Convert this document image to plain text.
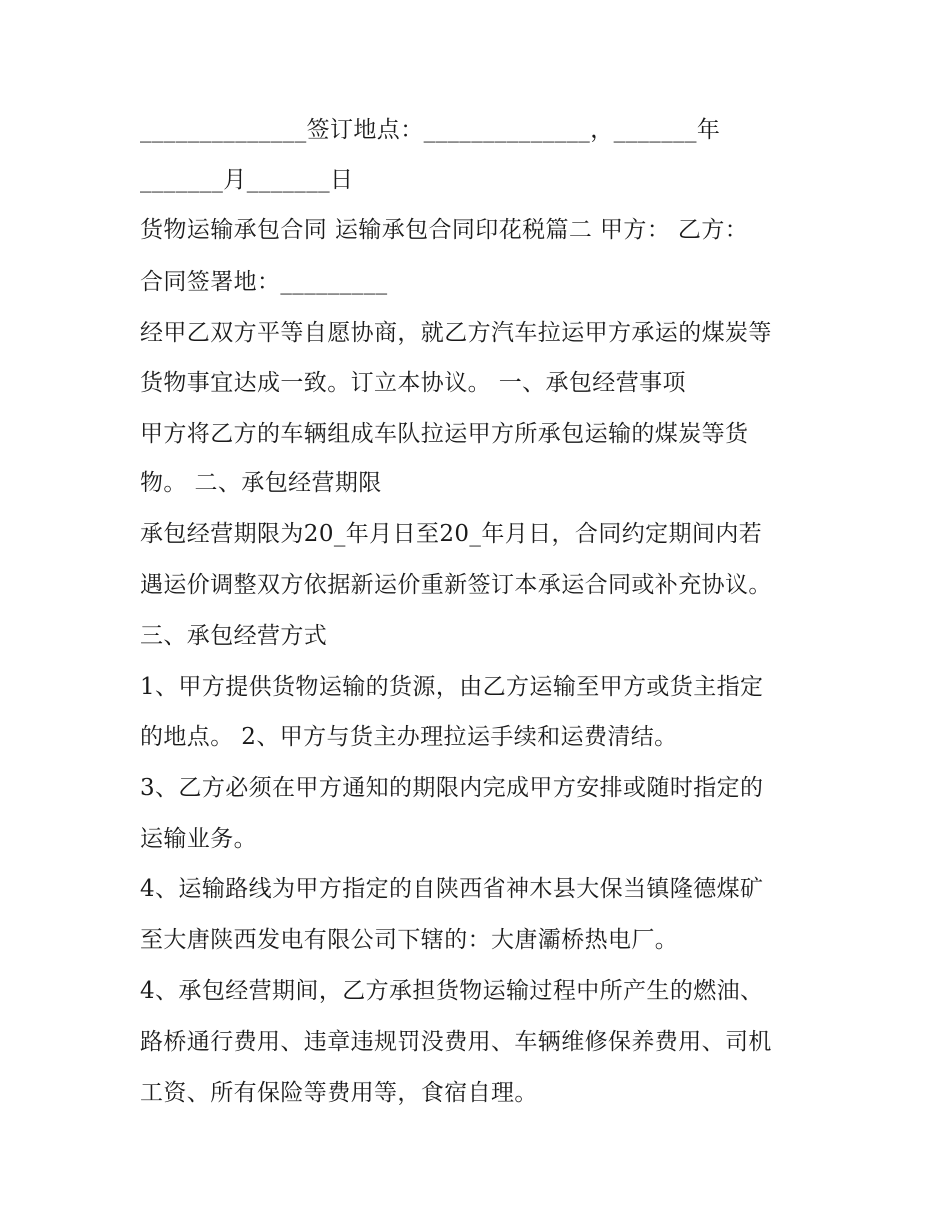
______________签订地点：______________，_______年
_______月_______日
货物运输承包合同 运输承包合同印花税篇二 甲方： 乙方：
合同签署地：_________
经甲乙双方平等自愿协商，就乙方汽车拉运甲方承运的煤炭等
货物事宜达成一致。订立本协议。 一、承包经营事项
甲方将乙方的车辆组成车队拉运甲方所承包运输的煤炭等货
物。 二、承包经营期限
承包经营期限为20_年月日至20_年月日，合同约定期间内若
遇运价调整双方依据新运价重新签订本承运合同或补充协议。
三、承包经营方式
1、甲方提供货物运输的货源，由乙方运输至甲方或货主指定
的地点。 2、甲方与货主办理拉运手续和运费清结。
3、乙方必须在甲方通知的期限内完成甲方安排或随时指定的
运输业务。
4、运输路线为甲方指定的自陕西省神木县大保当镇隆德煤矿
至大唐陕西发电有限公司下辖的：大唐灞桥热电厂。
4、承包经营期间，乙方承担货物运输过程中所产生的燃油、
路桥通行费用、违章违规罚没费用、车辆维修保养费用、司机
工资、所有保险等费用等，食宿自理。
